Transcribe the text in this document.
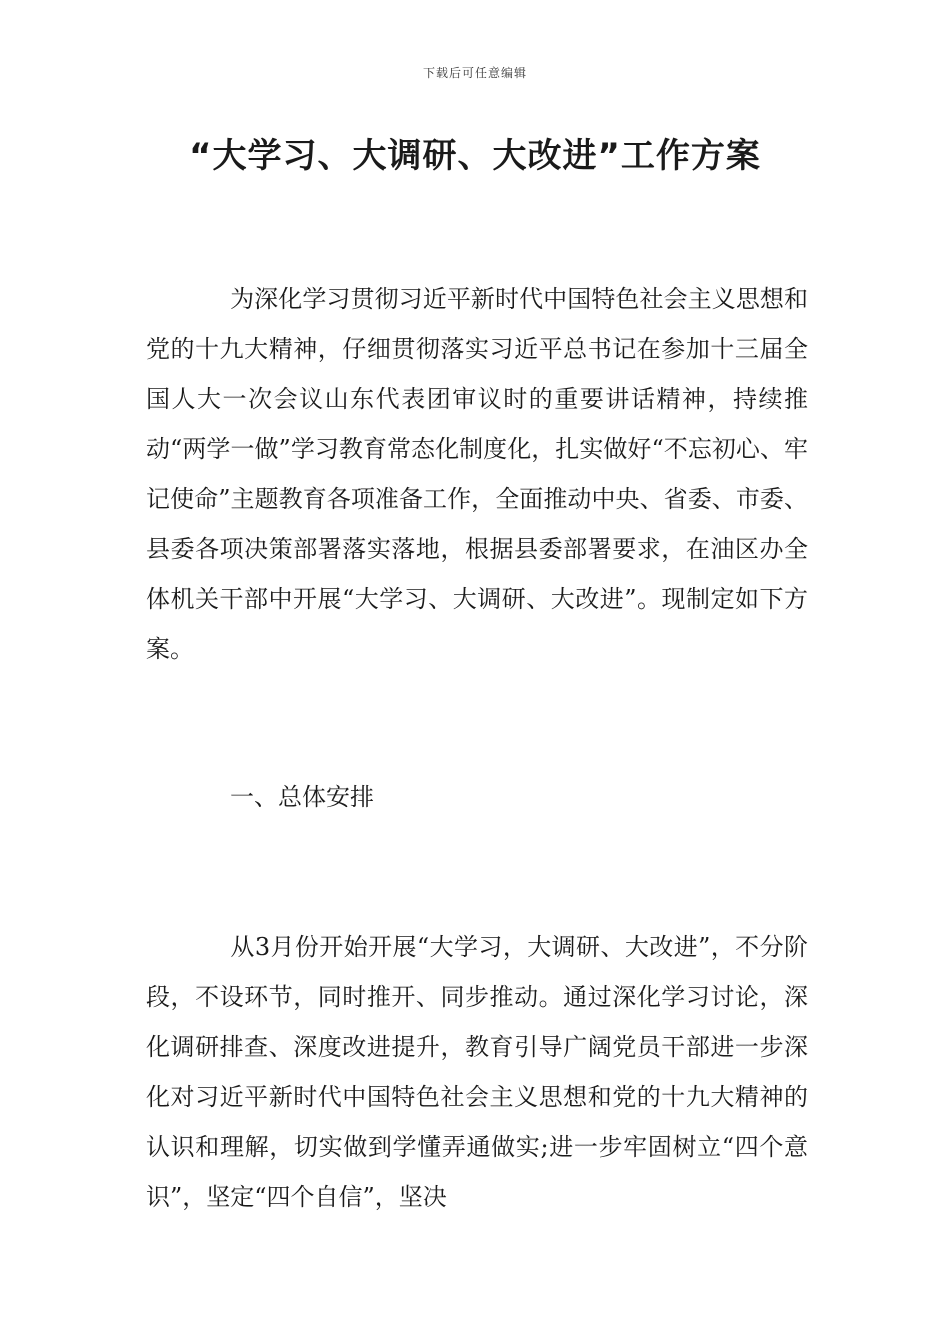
下载后可任意编辑
“大学习、大调研、大改进”工作方案

为深化学习贯彻习近平新时代中国特色社会主义思想和党的十九大精神，仔细贯彻落实习近平总书记在参加十三届全国人大一次会议山东代表团审议时的重要讲话精神，持续推动“两学一做”学习教育常态化制度化，扎实做好“不忘初心、牢记使命”主题教育各项准备工作，全面推动中央、省委、市委、县委各项决策部署落实落地，根据县委部署要求，在油区办全体机关干部中开展“大学习、大调研、大改进”。现制定如下方案。

一、总体安排

从3月份开始开展“大学习，大调研、大改进”，不分阶段，不设环节，同时推开、同步推动。通过深化学习讨论，深化调研排查、深度改进提升，教育引导广阔党员干部进一步深化对习近平新时代中国特色社会主义思想和党的十九大精神的认识和理解，切实做到学懂弄通做实;进一步牢固树立“四个意识”，坚定“四个自信”，坚决
